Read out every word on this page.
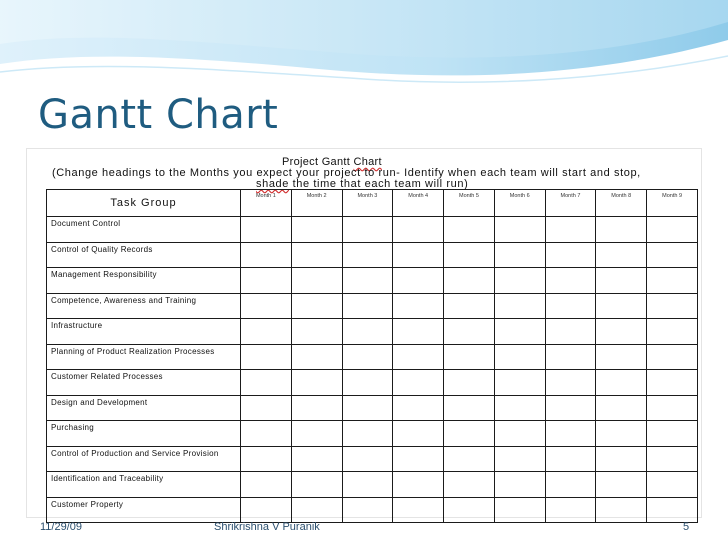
Gantt Chart
Project Gantt Chart
(Change headings to the Months you expect your project to run- Identify when each team will start and stop,
shade the time that each team will run)
Task Group	Month 1	Month 2	Month 3	Month 4	Month 5	Month 6	Month 7	Month 8	Month 9
Document Control									
Control of Quality Records									
Management Responsibility									
Competence, Awareness and Training									
Infrastructure									
Planning of Product Realization Processes									
Customer Related Processes									
Design and Development									
Purchasing									
Control of Production and Service Provision									
Identification and Traceability									
Customer Property									
11/29/09	Shrikrishna V Puranik	5
